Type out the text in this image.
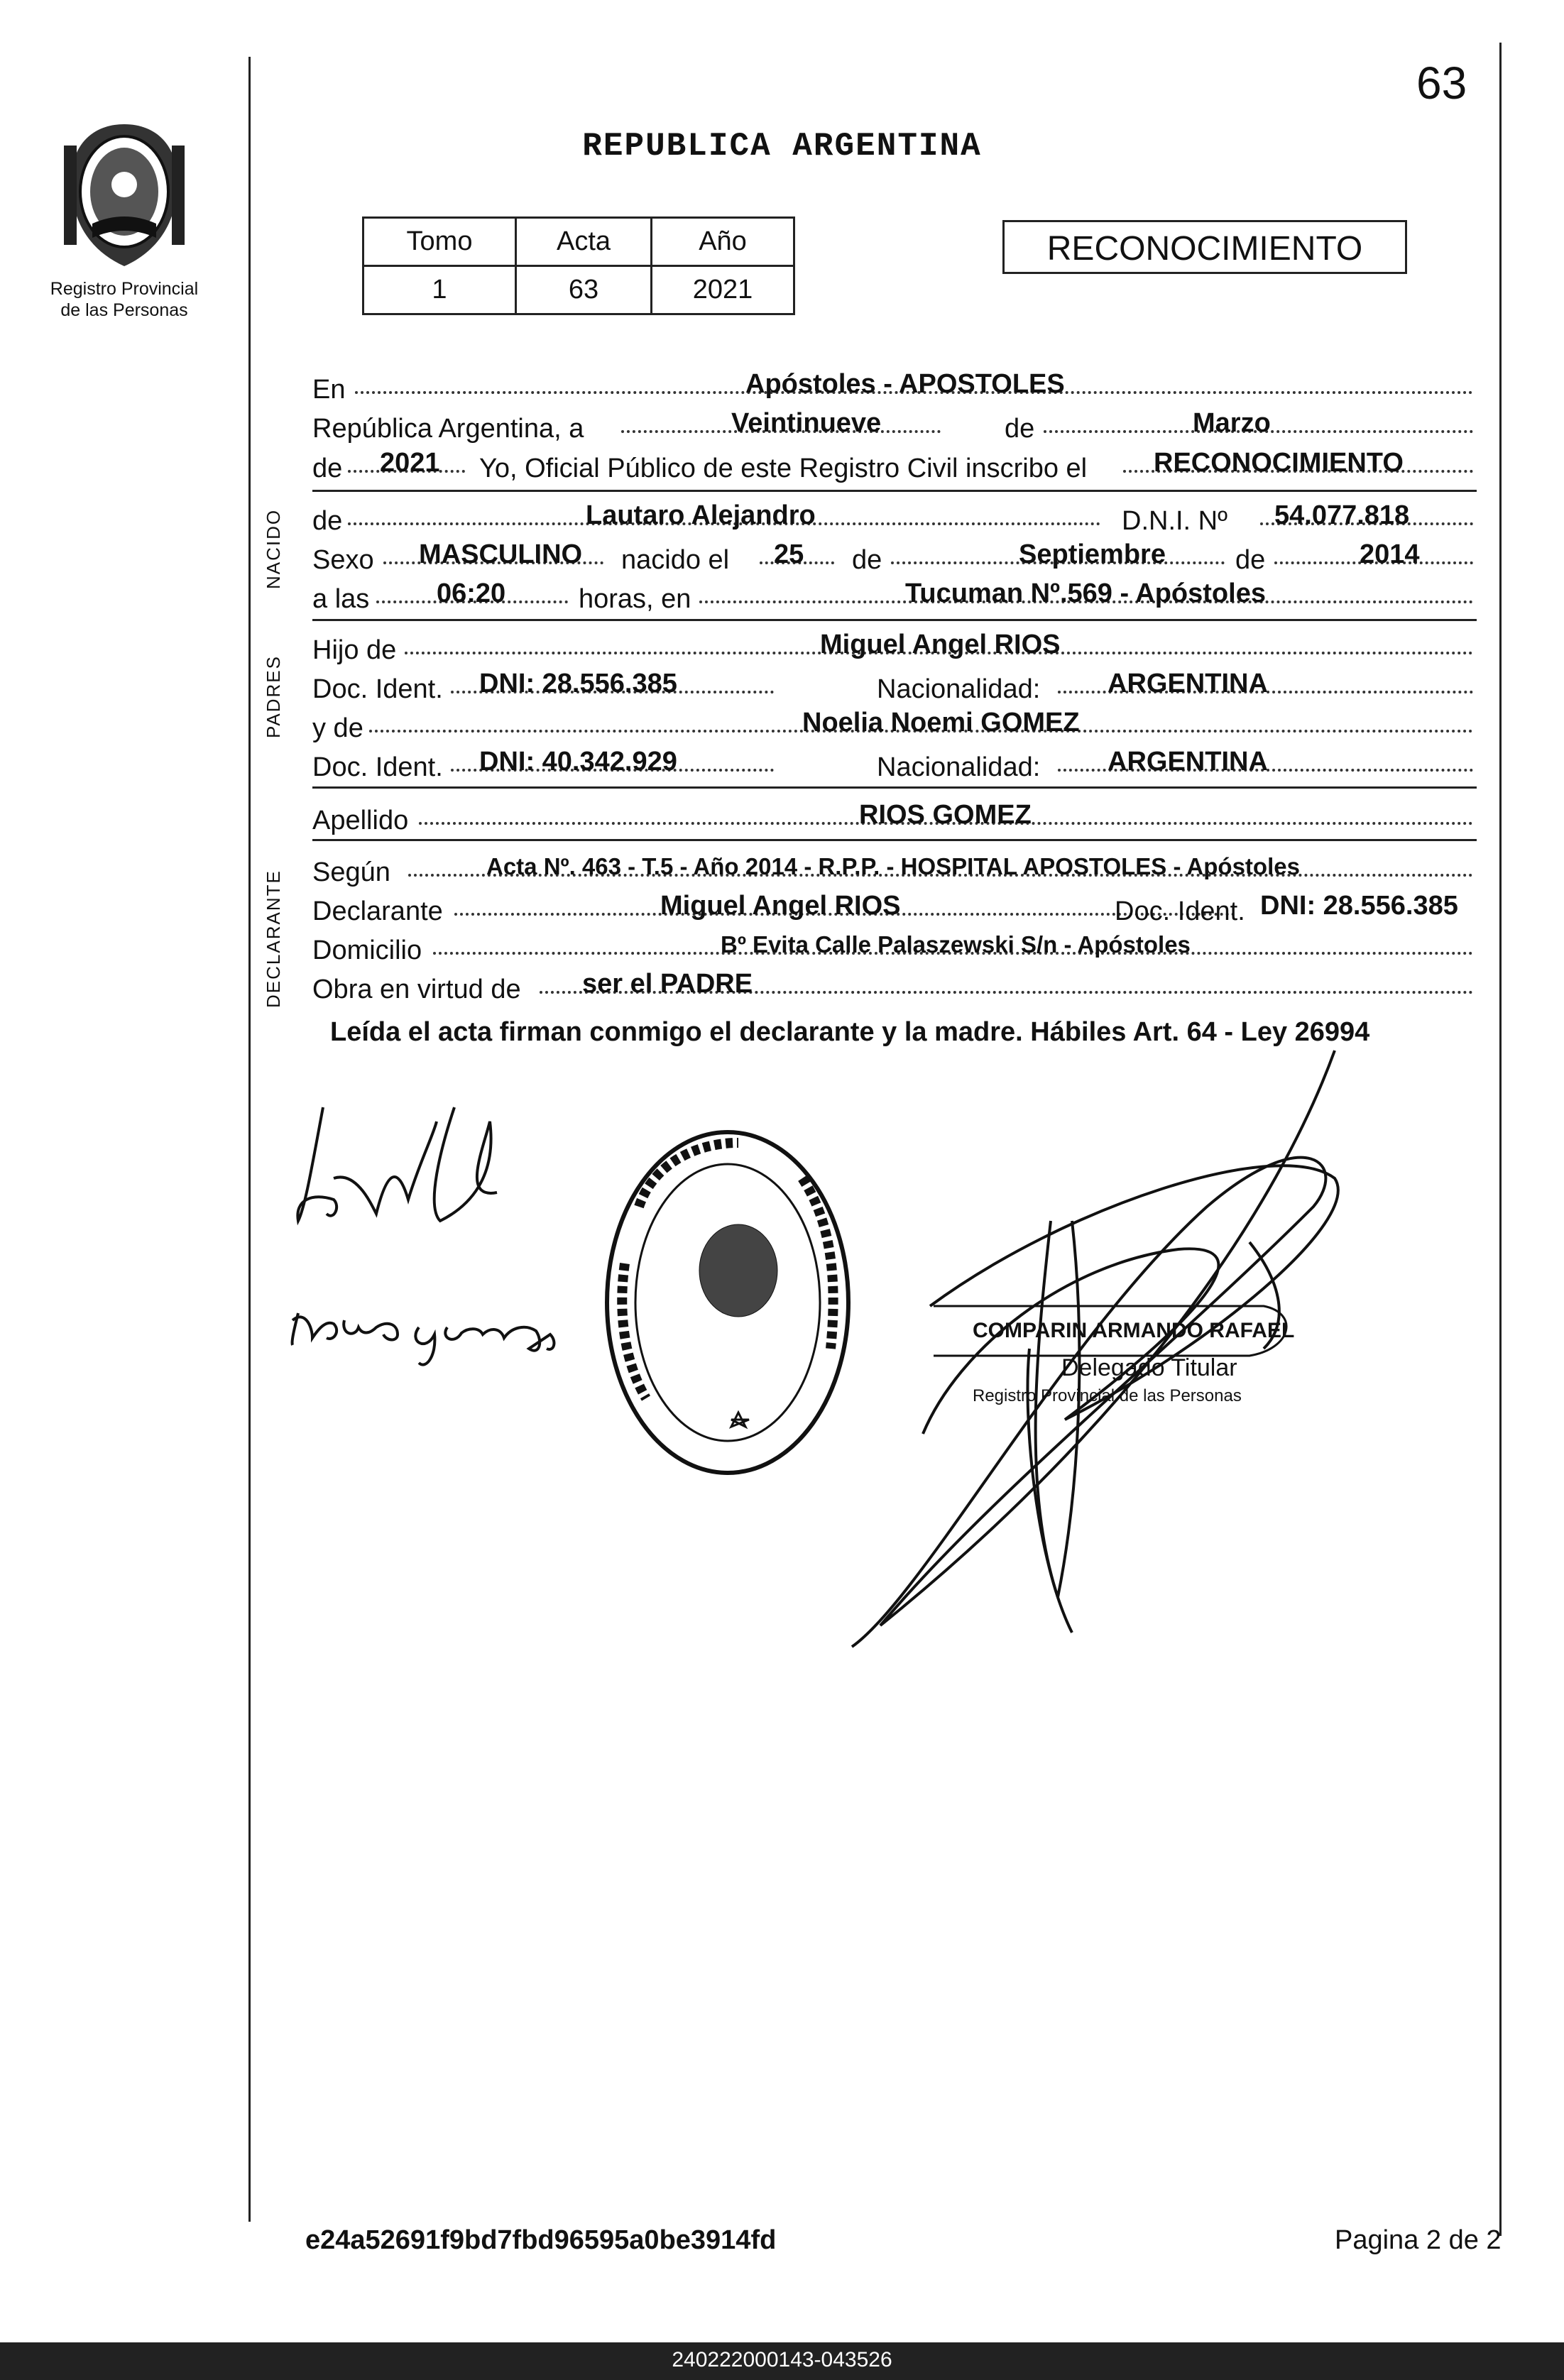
63
REPUBLICA ARGENTINA
Registro Provincial
de las Personas
Tomo	Acta	Año
1	63	2021
RECONOCIMIENTO
En	Apóstoles - APOSTOLES
República Argentina, a	Veintinueve	de	Marzo
de 2021 Yo, Oficial Público de este Registro Civil inscribo el RECONOCIMIENTO
de	Lautaro Alejandro	D.N.I. Nº 54.077.818
Sexo MASCULINO nacido el 25 de	Septiembre	de	2014
a las 06:20	horas, en	Tucuman Nº.569 - Apóstoles
Hijo de	Miguel Angel RIOS
Doc. Ident. DNI: 28.556.385	Nacionalidad: ARGENTINA
y de	Noelia Noemi GOMEZ
Doc. Ident. DNI: 40.342.929	Nacionalidad: ARGENTINA
Apellido	RIOS GOMEZ
Según	Acta Nº. 463 - T.5 - Año 2014 - R.P.P. - HOSPITAL APOSTOLES - Apóstoles
Declarante	Miguel Angel RIOS	Doc. Ident. DNI: 28.556.385
Domicilio	Bº Evita Calle Palaszewski S/n - Apóstoles
Obra en virtud de ser el PADRE
NACIDO
PADRES
DECLARANTE
Leída el acta firman conmigo el declarante y la madre. Hábiles Art. 64 - Ley 26994
COMPARIN ARMANDO RAFAEL
Delegado Titular
Registro Provincial de las Personas
e24a52691f9bd7fbd96595a0be3914fd	Pagina 2 de 2
240222000143-043526
